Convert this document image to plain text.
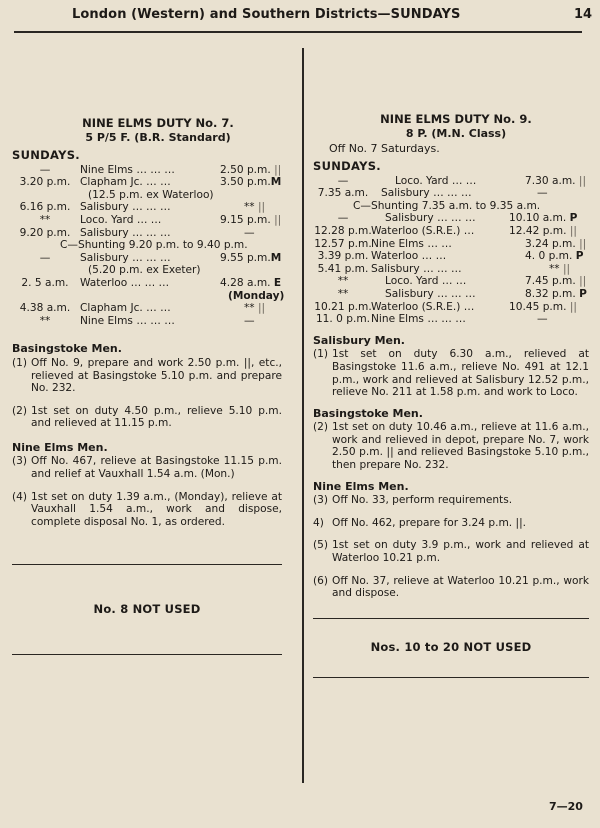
London (Western) and Southern Districts—SUNDAYS	14
NINE ELMS DUTY No. 7.
5 P/5 F. (B.R. Standard)
SUNDAYS.
—	Nine Elms … … …	2.50 p.m. ||
3.20 p.m. Clapham Jc. … …	3.50 p.m.M
(12.5 p.m. ex Waterloo)
6.16 p.m. Salisbury … … …	** ||
**	Loco. Yard … …	9.15 p.m. ||
9.20 p.m. Salisbury … … …	—
C—Shunting 9.20 p.m. to 9.40 p.m.
—	Salisbury … … …	9.55 p.m.M
(5.20 p.m. ex Exeter)
2. 5 a.m.	Waterloo … … …	4.28 a.m. E
(Monday)
4.38 a.m. Clapham Jc. … …	** ||
**	Nine Elms … … …	—
Basingstoke Men.
(1) Off No. 9, prepare and work 2.50 p.m. ||, etc., relieved at Basingstoke 5.10 p.m. and prepare No. 232.
(2) 1st set on duty 4.50 p.m., relieve 5.10 p.m. and relieved at 11.15 p.m.
Nine Elms Men.
(3) Off No. 467, relieve at Basingstoke 11.15 p.m. and relief at Vauxhall 1.54 a.m. (Mon.)
(4) 1st set on duty 1.39 a.m., (Monday), relieve at Vauxhall 1.54 a.m., work and dispose, complete disposal No. 1, as ordered.
No. 8 NOT USED
NINE ELMS DUTY No. 9.
8 P. (M.N. Class)
Off No. 7 Saturdays.
SUNDAYS.
—	Loco. Yard … …	7.30 a.m. ||
7.35 a.m.	Salisbury … … …	—
C—Shunting 7.35 a.m. to 9.35 a.m.
—	Salisbury … … …	10.10 a.m. P
12.28 p.m. Waterloo (S.R.E.) …	12.42 p.m. ||
12.57 p.m. Nine Elms … …	3.24 p.m. ||
3.39 p.m. Waterloo … …	4. 0 p.m. P
5.41 p.m. Salisbury … … …	** ||
**	Loco. Yard … …	7.45 p.m. ||
**	Salisbury … … …	8.32 p.m. P
10.21 p.m. Waterloo (S.R.E.) …	10.45 p.m. ||
11. 0 p.m. Nine Elms … … …	—
Salisbury Men.
(1) 1st set on duty 6.30 a.m., relieved at Basingstoke 11.6 a.m., relieve No. 491 at 12.1 p.m., work and relieved at Salisbury 12.52 p.m., relieve No. 211 at 1.58 p.m. and work to Loco.
Basingstoke Men.
(2) 1st set on duty 10.46 a.m., relieve at 11.6 a.m., work and relieved in depot, prepare No. 7, work 2.50 p.m. || and relieved Basingstoke 5.10 p.m., then prepare No. 232.
Nine Elms Men.
(3) Off No. 33, perform requirements.
4) Off No. 462, prepare for 3.24 p.m. ||.
(5) 1st set on duty 3.9 p.m., work and relieved at Waterloo 10.21 p.m.
(6) Off No. 37, relieve at Waterloo 10.21 p.m., work and dispose.
Nos. 10 to 20 NOT USED
7—20
